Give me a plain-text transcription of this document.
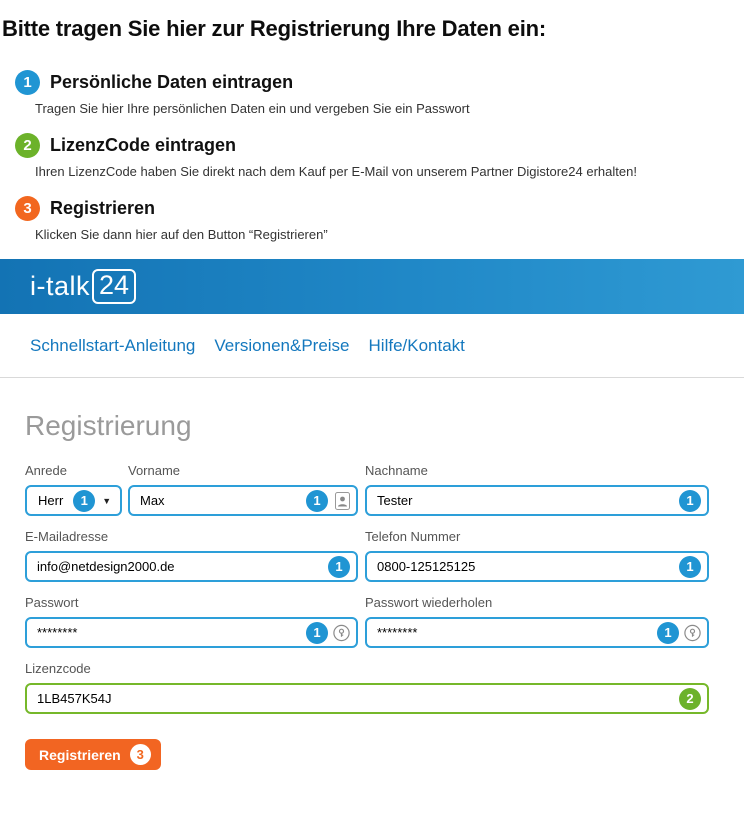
Bitte tragen Sie hier zur Registrierung Ihre Daten ein:
1	Persönliche Daten eintragen
Tragen Sie hier Ihre persönlichen Daten ein und vergeben Sie ein Passwort
2	LizenzCode eintragen
Ihren LizenzCode haben Sie direkt nach dem Kauf per E-Mail von unserem Partner Digistore24 erhalten!
3	Registrieren
Klicken Sie dann hier auf den Button “Registrieren”
i-talk 24
Schnellstart-Anleitung Versionen&Preise Hilfe/Kontakt
Registrierung
Anrede
Herr	1	▼
Vorname
Max
1
Nachname
Tester
1
E-Mailadresse
info@netdesign2000.de
1
Telefon Nummer
0800-125125125
1
Passwort
********
1
Passwort wiederholen
********
1
Lizenzcode
1LB457K54J
2
Registrieren	3
